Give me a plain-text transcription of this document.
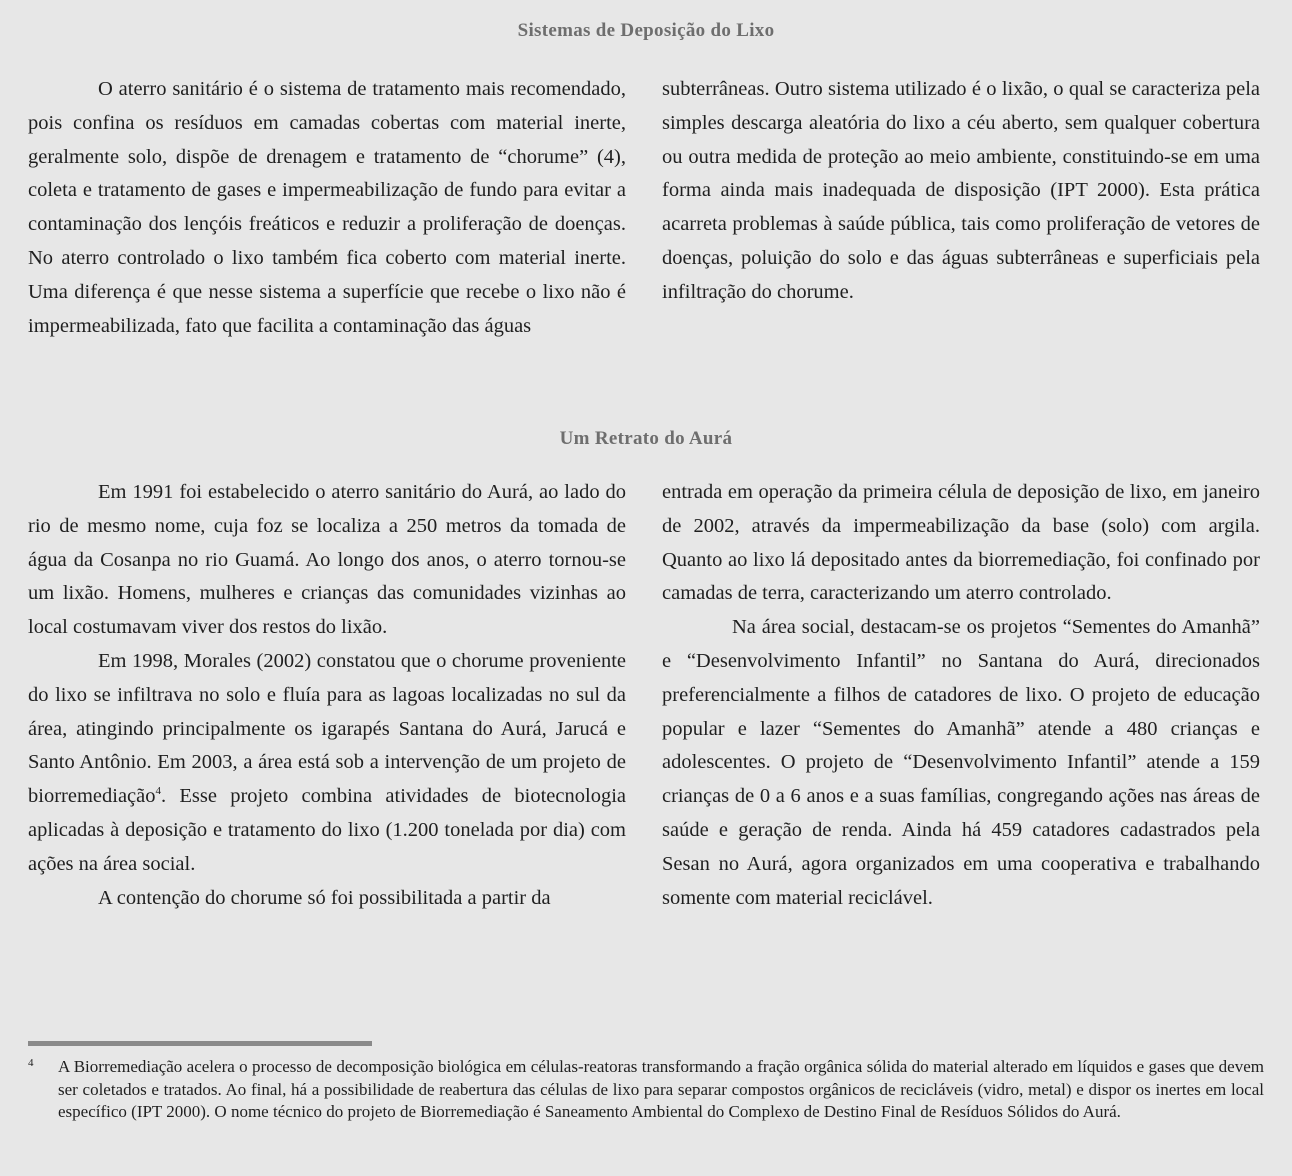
Sistemas de Deposição do Lixo

O aterro sanitário é o sistema de tratamento mais recomendado, pois confina os resíduos em camadas cobertas com material inerte, geralmente solo, dispõe de drenagem e tratamento de “chorume” (4), coleta e tratamento de gases e impermeabilização de fundo para evitar a contaminação dos lençóis freáticos e reduzir a proliferação de doenças. No aterro controlado o lixo também fica coberto com material inerte. Uma diferença é que nesse sistema a superfície que recebe o lixo não é impermeabilizada, fato que facilita a contaminação das águas

subterrâneas. Outro sistema utilizado é o lixão, o qual se caracteriza pela simples descarga aleatória do lixo a céu aberto, sem qualquer cobertura ou outra medida de proteção ao meio ambiente, constituindo-se em uma forma ainda mais inadequada de disposição (IPT 2000). Esta prática acarreta problemas à saúde pública, tais como proliferação de vetores de doenças, poluição do solo e das águas subterrâneas e superficiais pela infiltração do chorume.

Um Retrato do Aurá

Em 1991 foi estabelecido o aterro sanitário do Aurá, ao lado do rio de mesmo nome, cuja foz se localiza a 250 metros da tomada de água da Cosanpa no rio Guamá. Ao longo dos anos, o aterro tornou-se um lixão. Homens, mulheres e crianças das comunidades vizinhas ao local costumavam viver dos restos do lixão.

Em 1998, Morales (2002) constatou que o chorume proveniente do lixo se infiltrava no solo e fluía para as lagoas localizadas no sul da área, atingindo principalmente os igarapés Santana do Aurá, Jarucá e Santo Antônio. Em 2003, a área está sob a intervenção de um projeto de biorremediação$^4$. Esse projeto combina atividades de biotecnologia aplicadas à deposição e tratamento do lixo (1.200 tonelada por dia) com ações na área social.

A contenção do chorume só foi possibilitada a partir da

entrada em operação da primeira célula de deposição de lixo, em janeiro de 2002, através da impermeabilização da base (solo) com argila. Quanto ao lixo lá depositado antes da biorremediação, foi confinado por camadas de terra, caracterizando um aterro controlado.

Na área social, destacam-se os projetos “Sementes do Amanhã” e “Desenvolvimento Infantil” no Santana do Aurá, direcionados preferencialmente a filhos de catadores de lixo. O projeto de educação popular e lazer “Sementes do Amanhã” atende a 480 crianças e adolescentes. O projeto de “Desenvolvimento Infantil” atende a 159 crianças de 0 a 6 anos e a suas famílias, congregando ações nas áreas de saúde e geração de renda. Ainda há 459 catadores cadastrados pela Sesan no Aurá, agora organizados em uma cooperativa e trabalhando somente com material reciclável.

4 A Biorremediação acelera o processo de decomposição biológica em células-reatoras transformando a fração orgânica sólida do material alterado em líquidos e gases que devem ser coletados e tratados. Ao final, há a possibilidade de reabertura das células de lixo para separar compostos orgânicos de recicláveis (vidro, metal) e dispor os inertes em local específico (IPT 2000). O nome técnico do projeto de Biorremediação é Saneamento Ambiental do Complexo de Destino Final de Resíduos Sólidos do Aurá.
